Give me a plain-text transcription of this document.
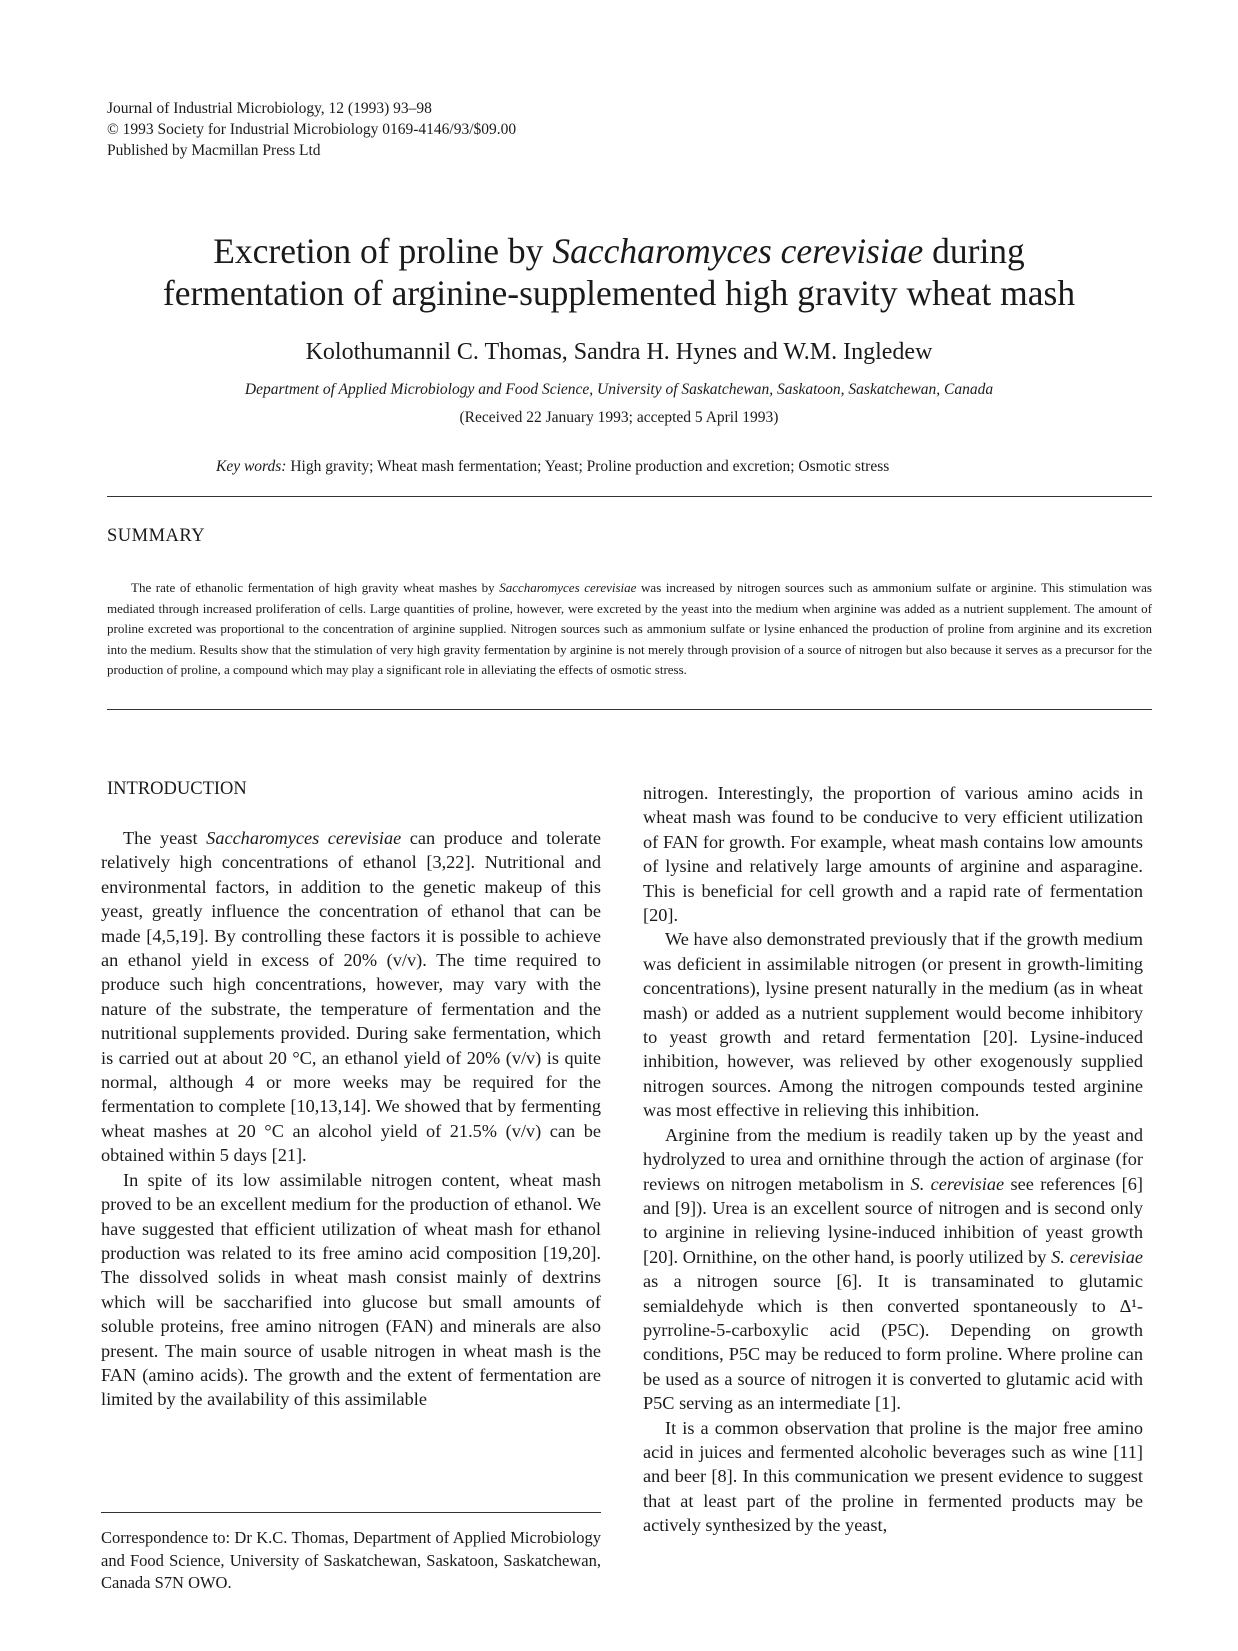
Journal of Industrial Microbiology, 12 (1993) 93–98
© 1993 Society for Industrial Microbiology 0169-4146/93/$09.00
Published by Macmillan Press Ltd
Excretion of proline by Saccharomyces cerevisiae during
fermentation of arginine-supplemented high gravity wheat mash
Kolothumannil C. Thomas, Sandra H. Hynes and W.M. Ingledew
Department of Applied Microbiology and Food Science, University of Saskatchewan, Saskatoon, Saskatchewan, Canada
(Received 22 January 1993; accepted 5 April 1993)
Key words: High gravity; Wheat mash fermentation; Yeast; Proline production and excretion; Osmotic stress
SUMMARY
The rate of ethanolic fermentation of high gravity wheat mashes by Saccharomyces cerevisiae was increased by nitrogen sources such as ammonium sulfate or arginine. This stimulation was mediated through increased proliferation of cells. Large quantities of proline, however, were excreted by the yeast into the medium when arginine was added as a nutrient supplement. The amount of proline excreted was proportional to the concentration of arginine supplied. Nitrogen sources such as ammonium sulfate or lysine enhanced the production of proline from arginine and its excretion into the medium. Results show that the stimulation of very high gravity fermentation by arginine is not merely through provision of a source of nitrogen but also because it serves as a precursor for the production of proline, a compound which may play a significant role in alleviating the effects of osmotic stress.
INTRODUCTION

The yeast Saccharomyces cerevisiae can produce and tolerate relatively high concentrations of ethanol [3,22]. Nutritional and environmental factors, in addition to the genetic makeup of this yeast, greatly influence the concentration of ethanol that can be made [4,5,19]. By controlling these factors it is possible to achieve an ethanol yield in excess of 20% (v/v). The time required to produce such high concentrations, however, may vary with the nature of the substrate, the temperature of fermentation and the nutritional supplements provided. During sake fermentation, which is carried out at about 20 °C, an ethanol yield of 20% (v/v) is quite normal, although 4 or more weeks may be required for the fermentation to complete [10,13,14]. We showed that by fermenting wheat mashes at 20 °C an alcohol yield of 21.5% (v/v) can be obtained within 5 days [21].

In spite of its low assimilable nitrogen content, wheat mash proved to be an excellent medium for the production of ethanol. We have suggested that efficient utilization of wheat mash for ethanol production was related to its free amino acid composition [19,20]. The dissolved solids in wheat mash consist mainly of dextrins which will be saccharified into glucose but small amounts of soluble proteins, free amino nitrogen (FAN) and minerals are also present. The main source of usable nitrogen in wheat mash is the FAN (amino acids). The growth and the extent of fermentation are limited by the availability of this assimilable

nitrogen. Interestingly, the proportion of various amino acids in wheat mash was found to be conducive to very efficient utilization of FAN for growth. For example, wheat mash contains low amounts of lysine and relatively large amounts of arginine and asparagine. This is beneficial for cell growth and a rapid rate of fermentation [20].

We have also demonstrated previously that if the growth medium was deficient in assimilable nitrogen (or present in growth-limiting concentrations), lysine present naturally in the medium (as in wheat mash) or added as a nutrient supplement would become inhibitory to yeast growth and retard fermentation [20]. Lysine-induced inhibition, however, was relieved by other exogenously supplied nitrogen sources. Among the nitrogen compounds tested arginine was most effective in relieving this inhibition.

Arginine from the medium is readily taken up by the yeast and hydrolyzed to urea and ornithine through the action of arginase (for reviews on nitrogen metabolism in S. cerevisiae see references [6] and [9]). Urea is an excellent source of nitrogen and is second only to arginine in relieving lysine-induced inhibition of yeast growth [20]. Ornithine, on the other hand, is poorly utilized by S. cerevisiae as a nitrogen source [6]. It is transaminated to glutamic semialdehyde which is then converted spontaneously to Δ¹-pyrroline-5-carboxylic acid (P5C). Depending on growth conditions, P5C may be reduced to form proline. Where proline can be used as a source of nitrogen it is converted to glutamic acid with P5C serving as an intermediate [1].

It is a common observation that proline is the major free amino acid in juices and fermented alcoholic beverages such as wine [11] and beer [8]. In this communication we present evidence to suggest that at least part of the proline in fermented products may be actively synthesized by the yeast,

Correspondence to: Dr K.C. Thomas, Department of Applied Microbiology and Food Science, University of Saskatchewan, Saskatoon, Saskatchewan, Canada S7N OWO.
